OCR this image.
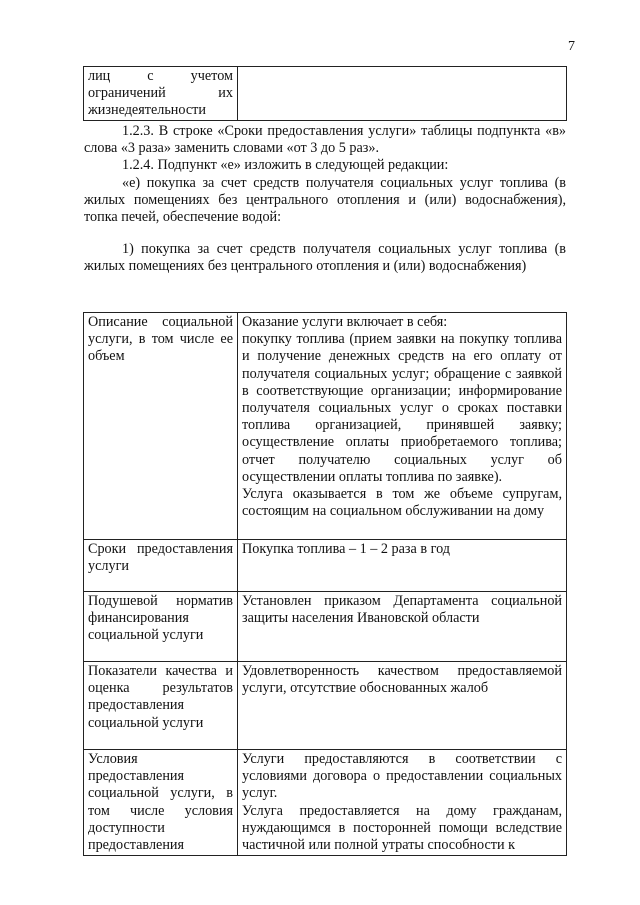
7
лиц с учетом ограничений их жизнедеятельности	
1.2.3. В строке «Сроки предоставления услуги» таблицы подпункта «в» слова «3 раза» заменить словами «от 3 до 5 раз».
1.2.4. Подпункт «е» изложить в следующей редакции:
«е) покупка за счет средств получателя социальных услуг топлива (в жилых помещениях без центрального отопления и (или) водоснабжения), топка печей, обеспечение водой:
1) покупка за счет средств получателя социальных услуг топлива (в жилых помещениях без центрального отопления и (или) водоснабжения)
Описание социальной услуги, в том числе ее объем	Оказание услуги включает в себя:
покупку топлива (прием заявки на покупку топлива и получение денежных средств на его оплату от получателя социальных услуг; обращение с заявкой в соответствующие организации; информирование получателя социальных услуг о сроках поставки топлива организацией, принявшей заявку; осуществление оплаты приобретаемого топлива; отчет получателю социальных услуг об осуществлении оплаты топлива по заявке).
Услуга оказывается в том же объеме супругам, состоящим на социальном обслуживании на дому

Сроки предоставления услуги	Покупка топлива – 1 – 2 раза в год
Подушевой норматив финансирования социальной услуги	Установлен приказом Департамента социальной защиты населения Ивановской области
Показатели качества и оценка результатов предоставления социальной услуги	Удовлетворенность качеством предоставляемой услуги, отсутствие обоснованных жалоб
Условия предоставления социальной услуги, в том числе условия доступности предоставления	Услуги предоставляются в соответствии с условиями договора о предоставлении социальных услуг.
Услуга предоставляется на дому гражданам, нуждающимся в посторонней помощи вследствие частичной или полной утраты способности к
